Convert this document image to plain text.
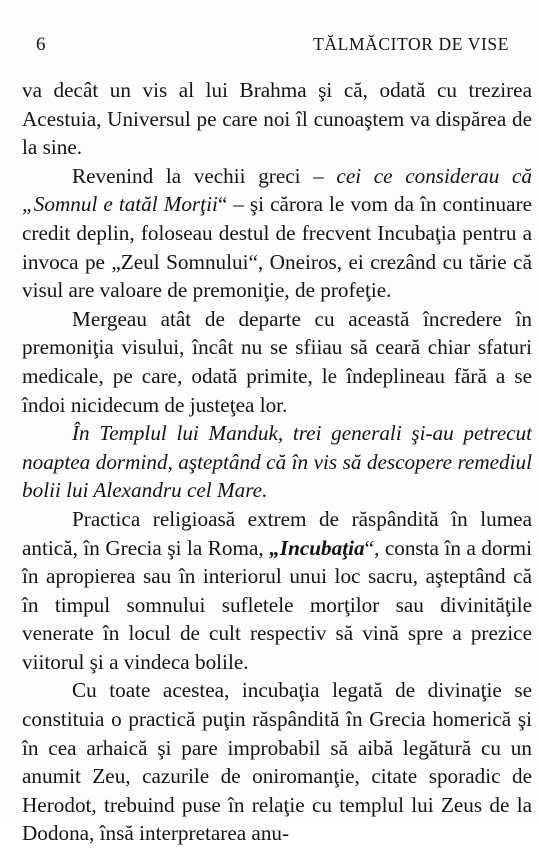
6	TĂLMĂCITOR DE VISE

va decât un vis al lui Brahma şi că, odată cu trezirea Acestuia, Universul pe care noi îl cunoaştem va dispărea de la sine.

Revenind la vechii greci – cei ce considerau că „Somnul e tatăl Morţii“ – şi cărora le vom da în continuare credit deplin, foloseau destul de frecvent Incubaţia pentru a invoca pe „Zeul Somnului“, Oneiros, ei crezând cu tărie că visul are valoare de premoniţie, de profeţie.

Mergeau atât de departe cu această încredere în premoniţia visului, încât nu se sfiiau să ceară chiar sfaturi medicale, pe care, odată primite, le îndeplineau fără a se îndoi nicidecum de justeţea lor.

În Templul lui Manduk, trei generali şi-au petrecut noaptea dormind, aşteptând că în vis să descopere remediul bolii lui Alexandru cel Mare.

Practica religioasă extrem de răspândită în lumea antică, în Grecia şi la Roma, „Incubaţia“, consta în a dormi în apropierea sau în interiorul unui loc sacru, aşteptând că în timpul somnului sufletele morţilor sau divinităţile venerate în locul de cult respectiv să vină spre a prezice viitorul şi a vindeca bolile.

Cu toate acestea, incubaţia legată de divinaţie se constituia o practică puţin răspândită în Grecia homerică şi în cea arhaică şi pare improbabil să aibă legătură cu un anumit Zeu, cazurile de oniromanţie, citate sporadic de Herodot, trebuind puse în relaţie cu templul lui Zeus de la Dodona, însă interpretarea anu-
